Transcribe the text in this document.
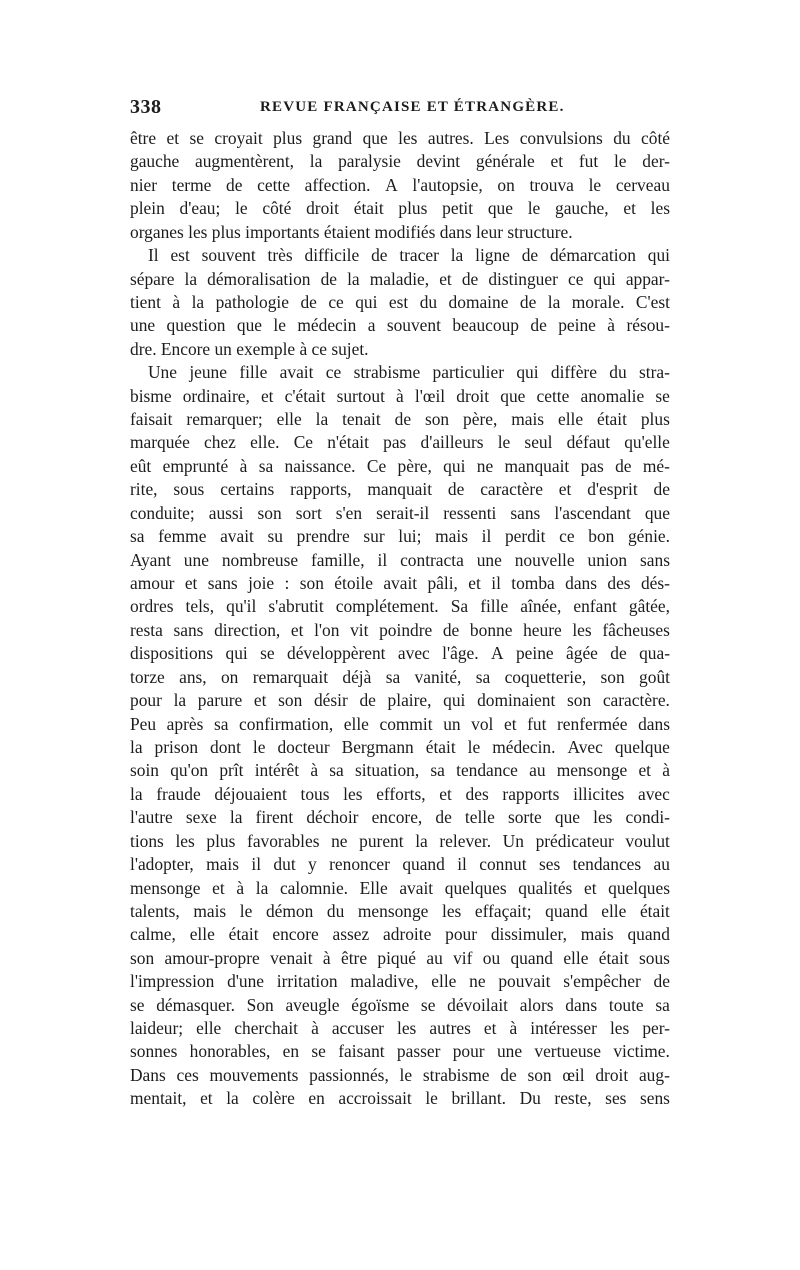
338	REVUE FRANÇAISE ET ÉTRANGÈRE.
être et se croyait plus grand que les autres. Les convulsions du côté
gauche augmentèrent, la paralysie devint générale et fut le der-
nier terme de cette affection. A l'autopsie, on trouva le cerveau
plein d'eau; le côté droit était plus petit que le gauche, et les
organes les plus importants étaient modifiés dans leur structure.
Il est souvent très difficile de tracer la ligne de démarcation qui
sépare la démoralisation de la maladie, et de distinguer ce qui appar-
tient à la pathologie de ce qui est du domaine de la morale. C'est
une question que le médecin a souvent beaucoup de peine à résou-
dre. Encore un exemple à ce sujet.
Une jeune fille avait ce strabisme particulier qui diffère du stra-
bisme ordinaire, et c'était surtout à l'œil droit que cette anomalie se
faisait remarquer; elle la tenait de son père, mais elle était plus
marquée chez elle. Ce n'était pas d'ailleurs le seul défaut qu'elle
eût emprunté à sa naissance. Ce père, qui ne manquait pas de mé-
rite, sous certains rapports, manquait de caractère et d'esprit de
conduite; aussi son sort s'en serait-il ressenti sans l'ascendant que
sa femme avait su prendre sur lui; mais il perdit ce bon génie.
Ayant une nombreuse famille, il contracta une nouvelle union sans
amour et sans joie : son étoile avait pâli, et il tomba dans des dés-
ordres tels, qu'il s'abrutit complétement. Sa fille aînée, enfant gâtée,
resta sans direction, et l'on vit poindre de bonne heure les fâcheuses
dispositions qui se développèrent avec l'âge. A peine âgée de qua-
torze ans, on remarquait déjà sa vanité, sa coquetterie, son goût
pour la parure et son désir de plaire, qui dominaient son caractère.
Peu après sa confirmation, elle commit un vol et fut renfermée dans
la prison dont le docteur Bergmann était le médecin. Avec quelque
soin qu'on prît intérêt à sa situation, sa tendance au mensonge et à
la fraude déjouaient tous les efforts, et des rapports illicites avec
l'autre sexe la firent déchoir encore, de telle sorte que les condi-
tions les plus favorables ne purent la relever. Un prédicateur voulut
l'adopter, mais il dut y renoncer quand il connut ses tendances au
mensonge et à la calomnie. Elle avait quelques qualités et quelques
talents, mais le démon du mensonge les effaçait; quand elle était
calme, elle était encore assez adroite pour dissimuler, mais quand
son amour-propre venait à être piqué au vif ou quand elle était sous
l'impression d'une irritation maladive, elle ne pouvait s'empêcher de
se démasquer. Son aveugle égoïsme se dévoilait alors dans toute sa
laideur; elle cherchait à accuser les autres et à intéresser les per-
sonnes honorables, en se faisant passer pour une vertueuse victime.
Dans ces mouvements passionnés, le strabisme de son œil droit aug-
mentait, et la colère en accroissait le brillant. Du reste, ses sens
